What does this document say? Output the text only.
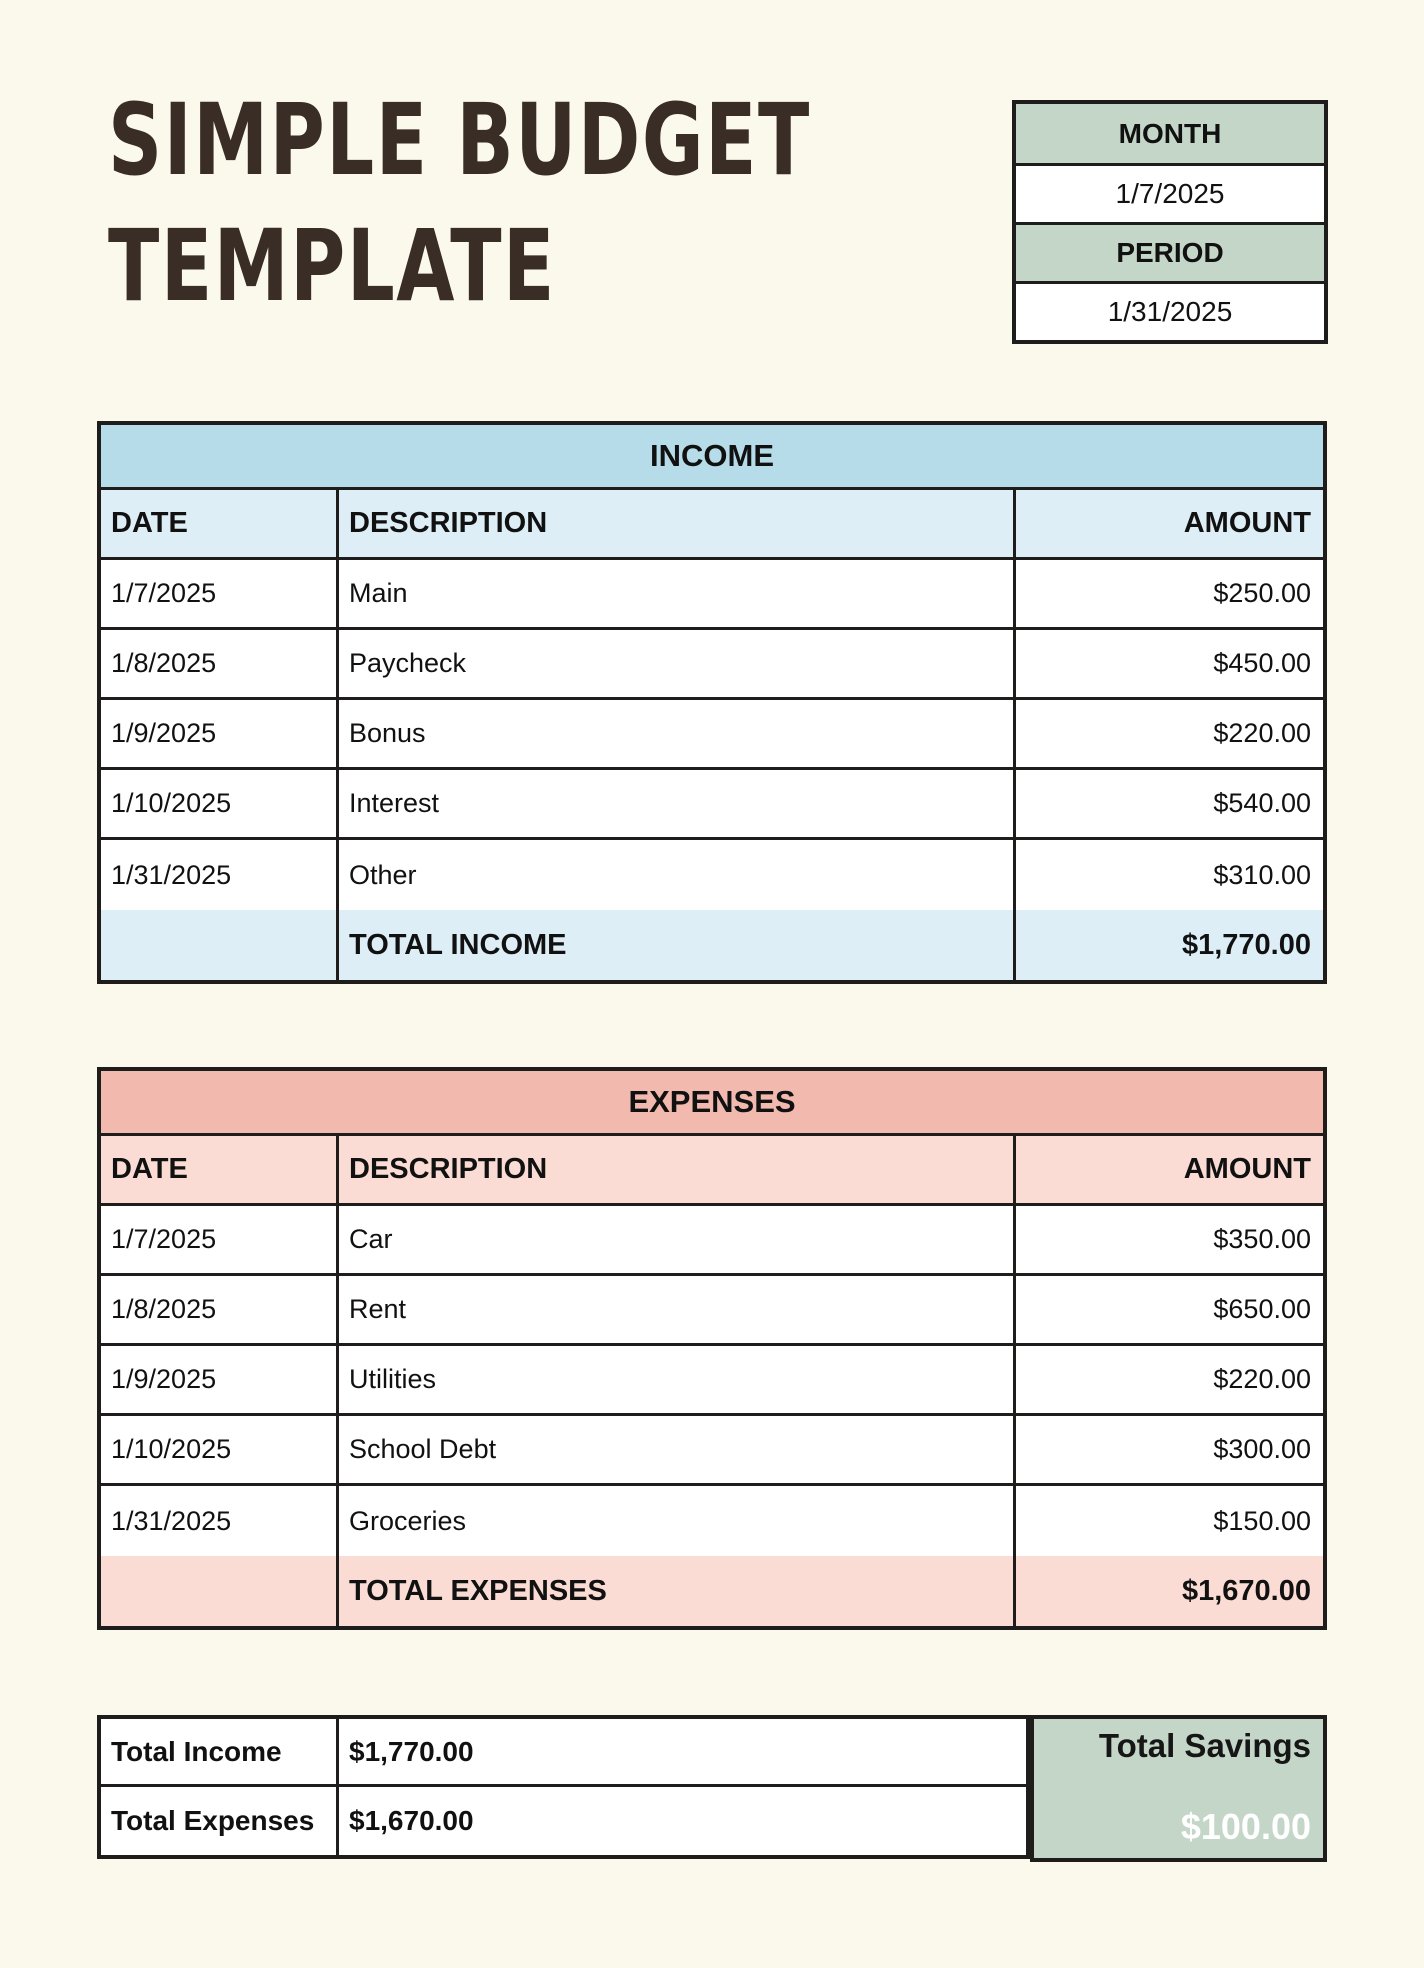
SIMPLE BUDGET
TEMPLATE
MONTH
1/7/2025
PERIOD
1/31/2025
INCOME
DATE	DESCRIPTION	AMOUNT
1/7/2025	Main	$250.00
1/8/2025	Paycheck	$450.00
1/9/2025	Bonus	$220.00
1/10/2025	Interest	$540.00
1/31/2025	Other	$310.00
TOTAL INCOME	$1,770.00
EXPENSES
DATE	DESCRIPTION	AMOUNT
1/7/2025	Car	$350.00
1/8/2025	Rent	$650.00
1/9/2025	Utilities	$220.00
1/10/2025	School Debt	$300.00
1/31/2025	Groceries	$150.00
TOTAL EXPENSES	$1,670.00
Total Income	$1,770.00
Total Expenses	$1,670.00
Total Savings
$100.00
